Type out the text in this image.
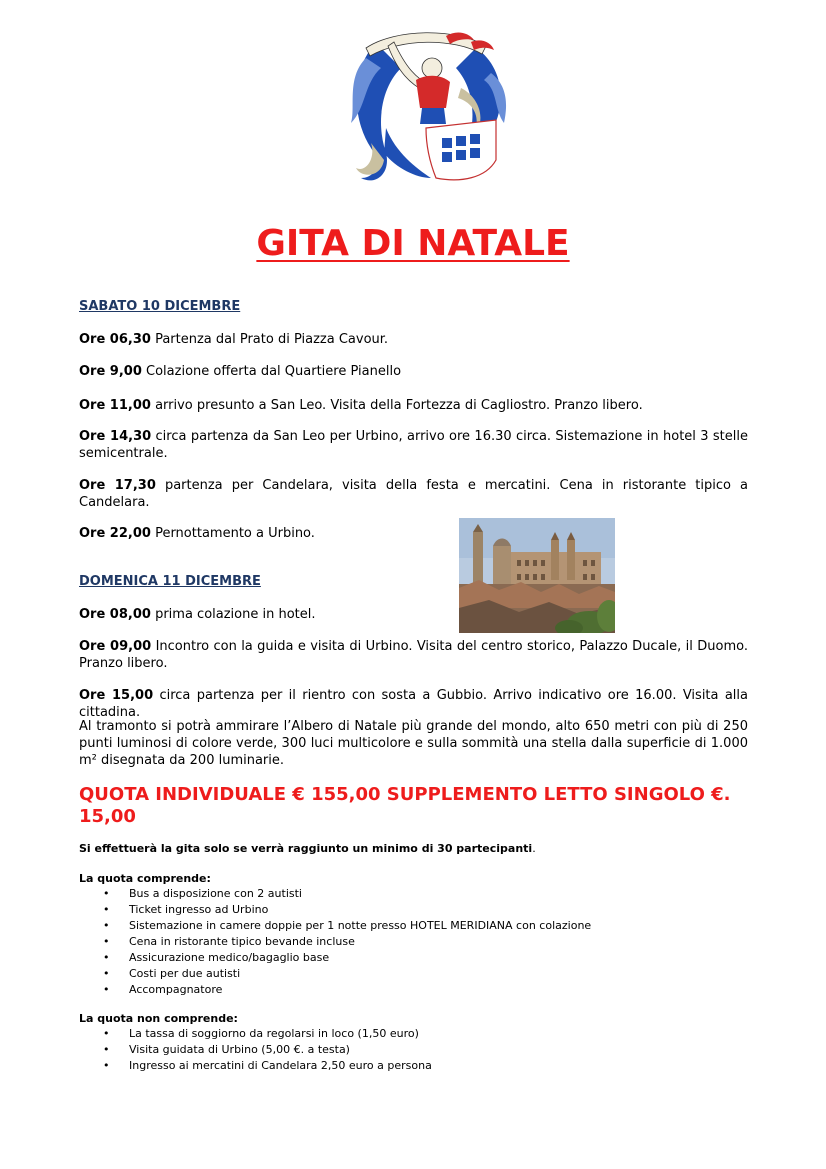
GITA DI NATALE
SABATO 10 DICEMBRE

Ore 06,30 Partenza dal Prato di Piazza Cavour.

Ore 9,00 Colazione offerta dal Quartiere Pianello

Ore 11,00 arrivo presunto a San Leo. Visita della Fortezza di Cagliostro. Pranzo libero.

Ore 14,30 circa partenza da San Leo per Urbino, arrivo ore 16.30 circa. Sistemazione in hotel 3 stelle semicentrale.

Ore 17,30 partenza per Candelara, visita della festa e mercatini. Cena in ristorante tipico a Candelara.

Ore 22,00 Pernottamento a Urbino.

DOMENICA 11 DICEMBRE

Ore 08,00 prima colazione in hotel.

Ore 09,00 Incontro con la guida e visita di Urbino. Visita del centro storico, Palazzo Ducale, il Duomo. Pranzo libero.

Ore 15,00 circa partenza per il rientro con sosta a Gubbio. Arrivo indicativo ore 16.00. Visita alla cittadina.

Al tramonto si potrà ammirare l’Albero di Natale più grande del mondo, alto 650 metri con più di 250 punti luminosi di colore verde, 300 luci multicolore e sulla sommità una stella dalla superficie di 1.000 m² disegnata da 200 luminarie.

QUOTA INDIVIDUALE € 155,00 SUPPLEMENTO LETTO SINGOLO €. 15,00
Si effettuerà la gita solo se verrà raggiunto un minimo di 30 partecipanti.
La quota comprende:
• Bus a disposizione con 2 autisti
• Ticket ingresso ad Urbino
• Sistemazione in camere doppie per 1 notte presso HOTEL MERIDIANA con colazione
• Cena in ristorante tipico bevande incluse
• Assicurazione medico/bagaglio base
• Costi per due autisti
• Accompagnatore
La quota non comprende:
• La tassa di soggiorno da regolarsi in loco (1,50 euro)
• Visita guidata di Urbino (5,00 €. a testa)
• Ingresso ai mercatini di Candelara 2,50 euro a persona
